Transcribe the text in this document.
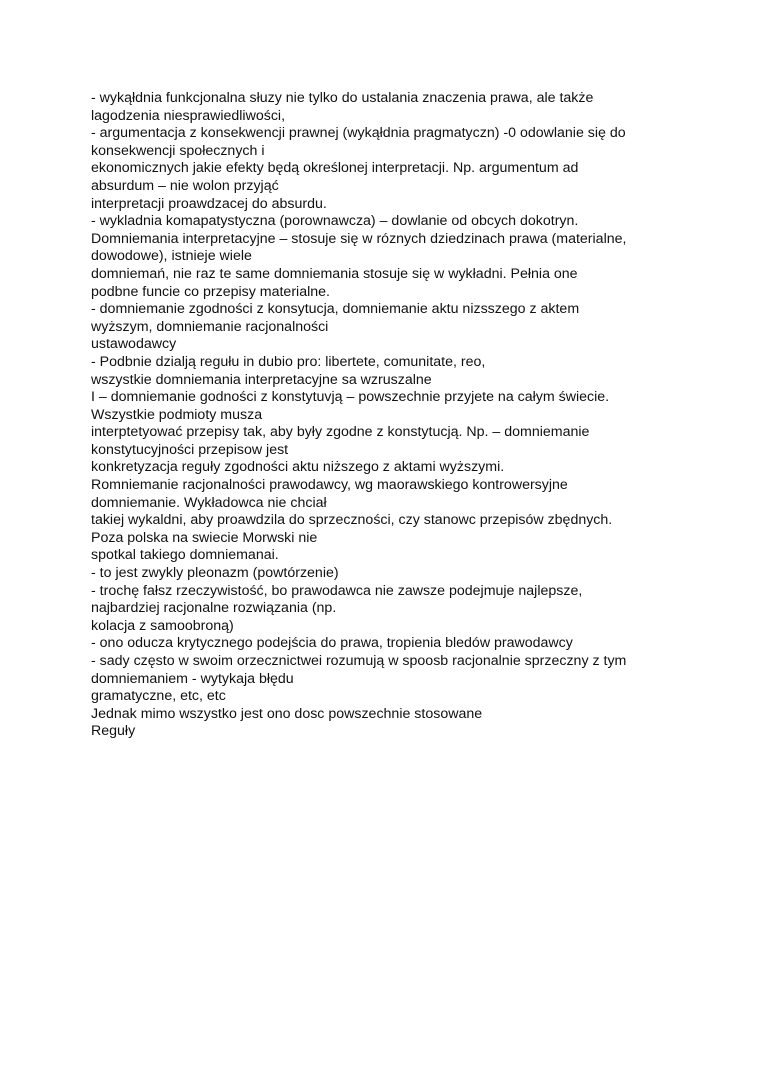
- wykąłdnia funkcjonalna słuzy nie tylko do ustalania znaczenia prawa, ale także
lagodzenia niesprawiedliwości,
- argumentacja z konsekwencji prawnej (wykąłdnia pragmatyczn) -0 odowlanie się do
konsekwencji społecznych i
ekonomicznych jakie efekty będą określonej interpretacji. Np. argumentum ad
absurdum – nie wolon przyjąć
interpretacji proawdzacej do absurdu.
- wykladnia komapatystyczna (porownawcza) – dowlanie od obcych dokotryn.
Domniemania interpretacyjne – stosuje się w róznych dziedzinach prawa (materialne,
dowodowe), istnieje wiele
domniemań, nie raz te same domniemania stosuje się w wykładni. Pełnia one
podbne funcie co przepisy materialne.
- domniemanie zgodności z konsytucja, domniemanie aktu nizsszego z aktem
wyższym, domniemanie racjonalności
ustawodawcy
- Podbnie dzialją regułu in dubio pro: libertete, comunitate, reo,
wszystkie domniemania interpretacyjne sa wzruszalne
I – domniemanie godności z konstytuvją – powszechnie przyjete na całym świecie.
Wszystkie podmioty musza
interptetyować przepisy tak, aby były zgodne z konstytucją. Np. – domniemanie
konstytucyjności przepisow jest
konkretyzacja reguły zgodności aktu niższego z aktami wyższymi.
Romniemanie racjonalności prawodawcy, wg maorawskiego kontrowersyjne
domniemanie. Wykładowca nie chciał
takiej wykaldni, aby proawdzila do sprzeczności, czy stanowc przepisów zbędnych.
Poza polska na swiecie Morwski nie
spotkal takiego domniemanai.
- to jest zwykly pleonazm (powtórzenie)
- trochę fałsz rzeczywistość, bo prawodawca nie zawsze podejmuje najlepsze,
najbardziej racjonalne rozwiązania (np.
kolacja z samoobroną)
- ono oducza krytycznego podejścia do prawa, tropienia bledów prawodawcy
- sady często w swoim orzecznictwei rozumują w spoosb racjonalnie sprzeczny z tym
domniemaniem - wytykaja błędu
gramatyczne, etc, etc
Jednak mimo wszystko jest ono dosc powszechnie stosowane
Reguły
